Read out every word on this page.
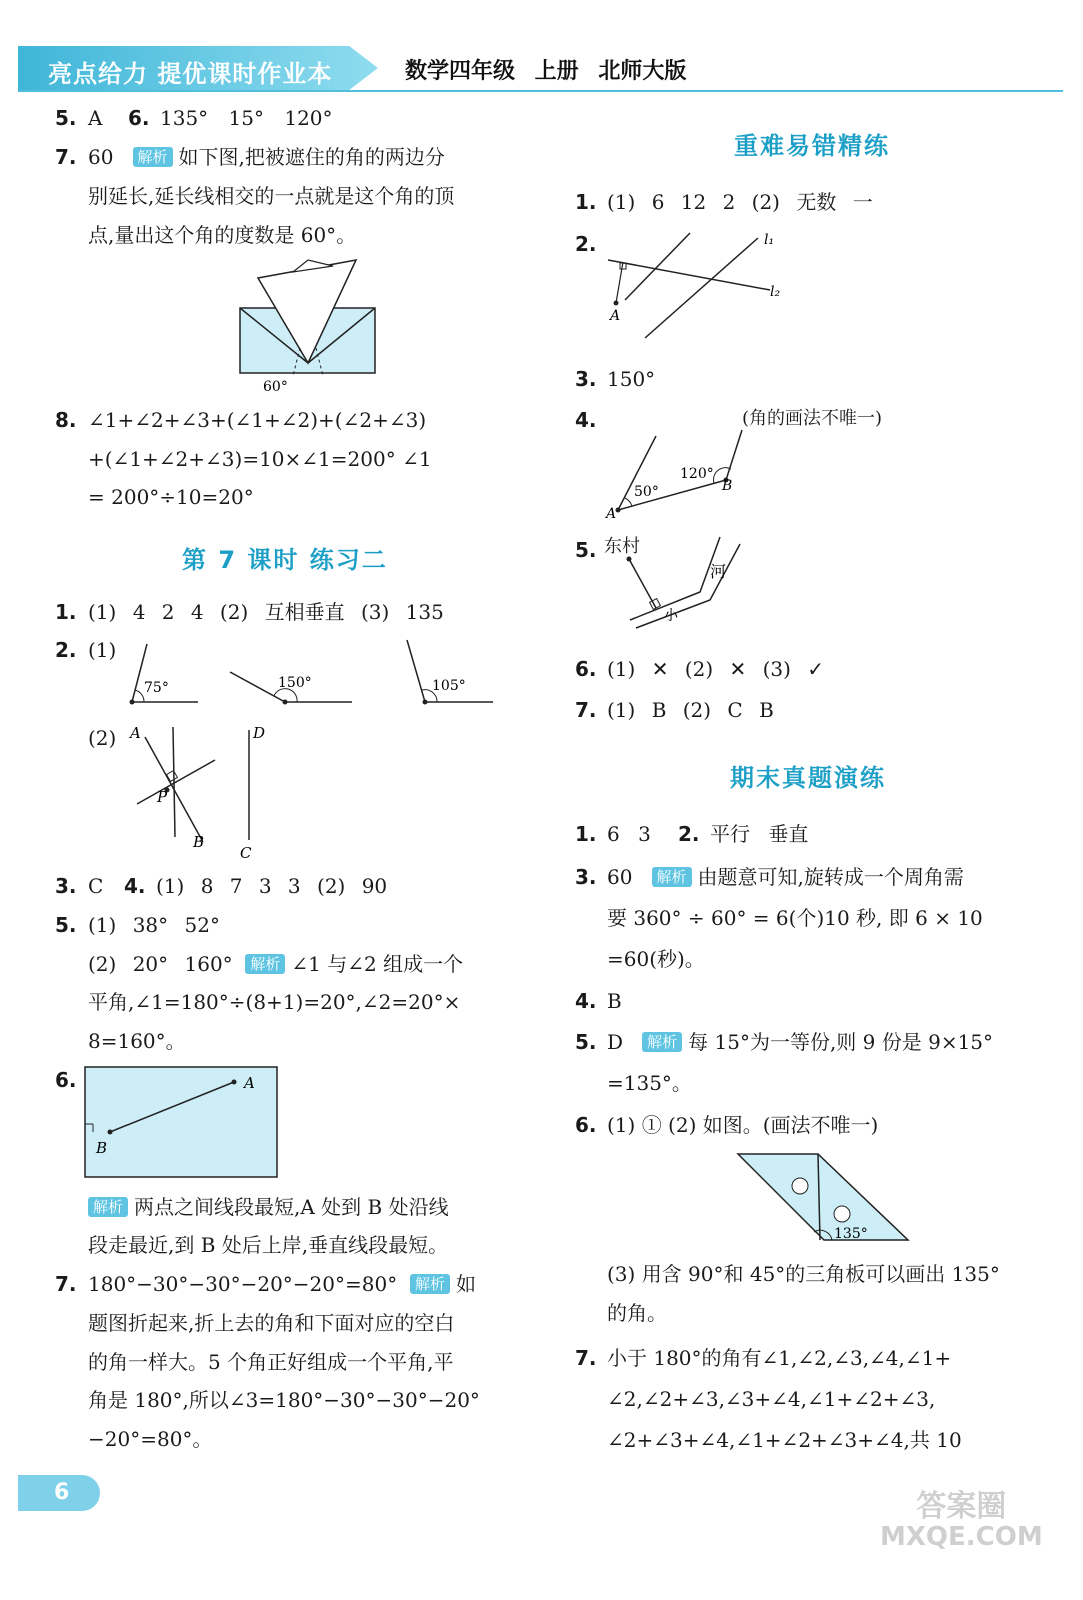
亮点给力 提优课时作业本	数学四年级 上册 北师大版
5. A 6. 135° 15° 120°
7. 60 解析 如下图,把被遮住的角的两边分
别延长,延长线相交的一点就是这个角的顶
点,量出这个角的度数是 60°。
60°
8. ∠1+∠2+∠3+(∠1+∠2)+(∠2+∠3)
+(∠1+∠2+∠3)=10×∠1=200° ∠1
= 200°÷10=20°
第 7 课时 练习二
1. (1) 4 2 4 (2) 互相垂直 (3) 135
2. (1)
75°	150°	105°
(2) A
P
B
D
C
3. C 4. (1) 8 7 3 3 (2) 90
5. (1) 38° 52°
(2) 20° 160° 解析 ∠1 与∠2 组成一个
平角,∠1=180°÷(8+1)=20°,∠2=20°×
8=160°。
6.	A
B
解析 两点之间线段最短,A 处到 B 处沿线
段走最近,到 B 处后上岸,垂直线段最短。
7. 180°−30°−30°−20°−20°=80° 解析 如
题图折起来,折上去的角和下面对应的空白
的角一样大。5 个角正好组成一个平角,平
角是 180°,所以∠3=180°−30°−30°−20°
−20°=80°。
重难易错精练
1. (1) 6 12 2 (2) 无数 一
2.	l₁
l₂
A
3. 150°
4.	(角的画法不唯一)
50°
120°
A
B
5. 东村
河
小
6. (1) ✕ (2) ✕ (3) ✓
7. (1) B (2) C B
期末真题演练
1. 6 3 2. 平行 垂直
3. 60 解析 由题意可知,旋转成一个周角需
要 360° ÷ 60° = 6(个)10 秒, 即 6 × 10
=60(秒)。
4. B
5. D 解析 每 15°为一等份,则 9 份是 9×15°
=135°。
6. (1) ① (2) 如图。(画法不唯一)
135°
(3) 用含 90°和 45°的三角板可以画出 135°
的角。
7. 小于 180°的角有∠1,∠2,∠3,∠4,∠1+
∠2,∠2+∠3,∠3+∠4,∠1+∠2+∠3,
∠2+∠3+∠4,∠1+∠2+∠3+∠4,共 10
6	答案圈
MXQE.COM
